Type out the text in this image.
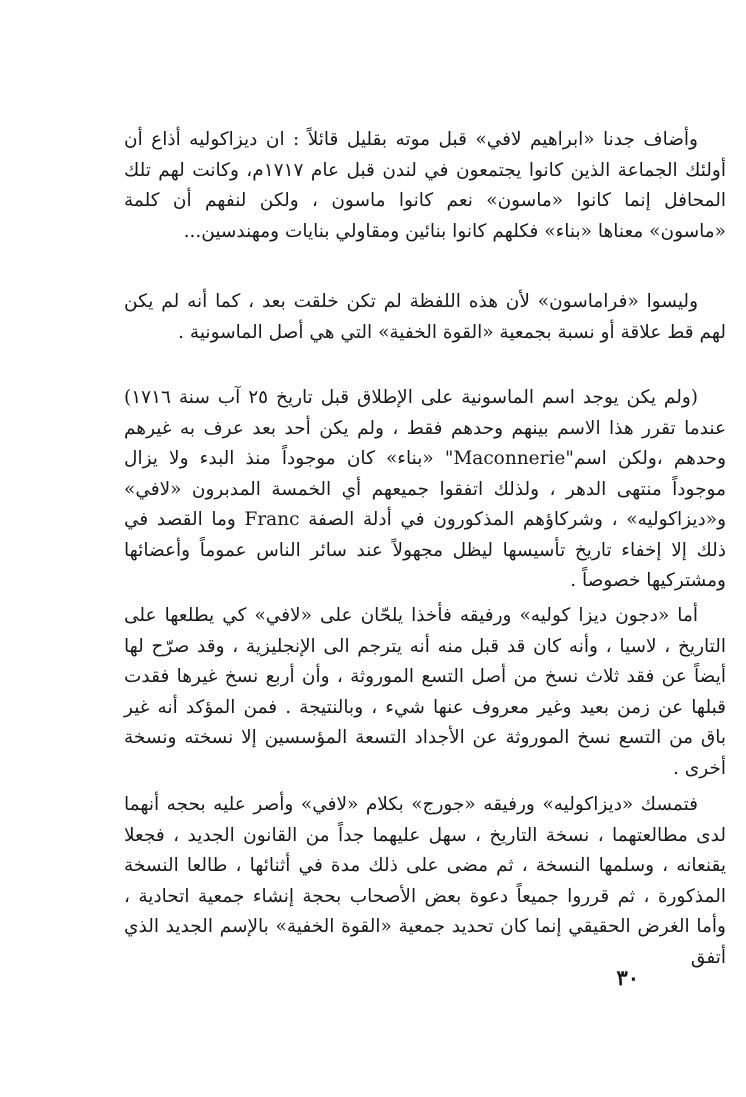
وأضاف جدنا «ابراهيم لافي» قبل موته بقليل قائلاً : ان ديزاكوليه أذاع أن أولئك الجماعة الذين كانوا يجتمعون في لندن قبل عام ١٧١٧م، وكانت لهم تلك المحافل إنما كانوا «ماسون» نعم كانوا ماسون ، ولكن لنفهم أن كلمة «ماسون» معناها «بناء» فكلهم كانوا بنائين ومقاولي بنايات ومهندسين...

وليسوا «فراماسون» لأن هذه اللفظة لم تكن خلقت بعد ، كما أنه لم يكن لهم قط علاقة أو نسبة بجمعية «القوة الخفية» التي هي أصل الماسونية .

(ولم يكن يوجد اسم الماسونية على الإطلاق قبل تاريخ ٢٥ آب سنة ١٧١٦) عندما تقرر هذا الاسم بينهم وحدهم فقط ، ولم يكن أحد بعد عرف به غيرهم وحدهم ،ولكن اسم"Maconnerie" «بناء» كان موجوداً منذ البدء ولا يزال موجوداً منتهى الدهر ، ولذلك اتفقوا جميعهم أي الخمسة المدبرون «لافي» و«ديزاكوليه» ، وشركاؤهم المذكورون في أدلة الصفة Franc وما القصد في ذلك إلا إخفاء تاريخ تأسيسها ليظل مجهولاً عند سائر الناس عموماً وأعضائها ومشتركيها خصوصاً .

أما «دجون ديزا كوليه» ورفيقه فأخذا يلحّان على «لافي» كي يطلعها على التاريخ ، لاسيا ، وأنه كان قد قبل منه أنه يترجم الى الإنجليزية ، وقد صرّح لها أيضاً عن فقد ثلاث نسخ من أصل التسع الموروثة ، وأن أربع نسخ غيرها فقدت قبلها عن زمن بعيد وغير معروف عنها شيء ، وبالنتيجة . فمن المؤكد أنه غير باق من التسع نسخ الموروثة عن الأجداد التسعة المؤسسين إلا نسخته ونسخة أخرى .

فتمسك «ديزاكوليه» ورفيقه «جورج» بكلام «لافي» وأصر عليه بحجه أنهما لدى مطالعتهما ، نسخة التاريخ ، سهل عليهما جداً من القانون الجديد ، فجعلا يقنعانه ، وسلمها النسخة ، ثم مضى على ذلك مدة في أثنائها ، طالعا النسخة المذكورة ، ثم قرروا جميعاً دعوة بعض الأصحاب بحجة إنشاء جمعية اتحادية ، وأما الغرض الحقيقي إنما كان تحديد جمعية «القوة الخفية» بالإسم الجديد الذي أتفق

٣٠
